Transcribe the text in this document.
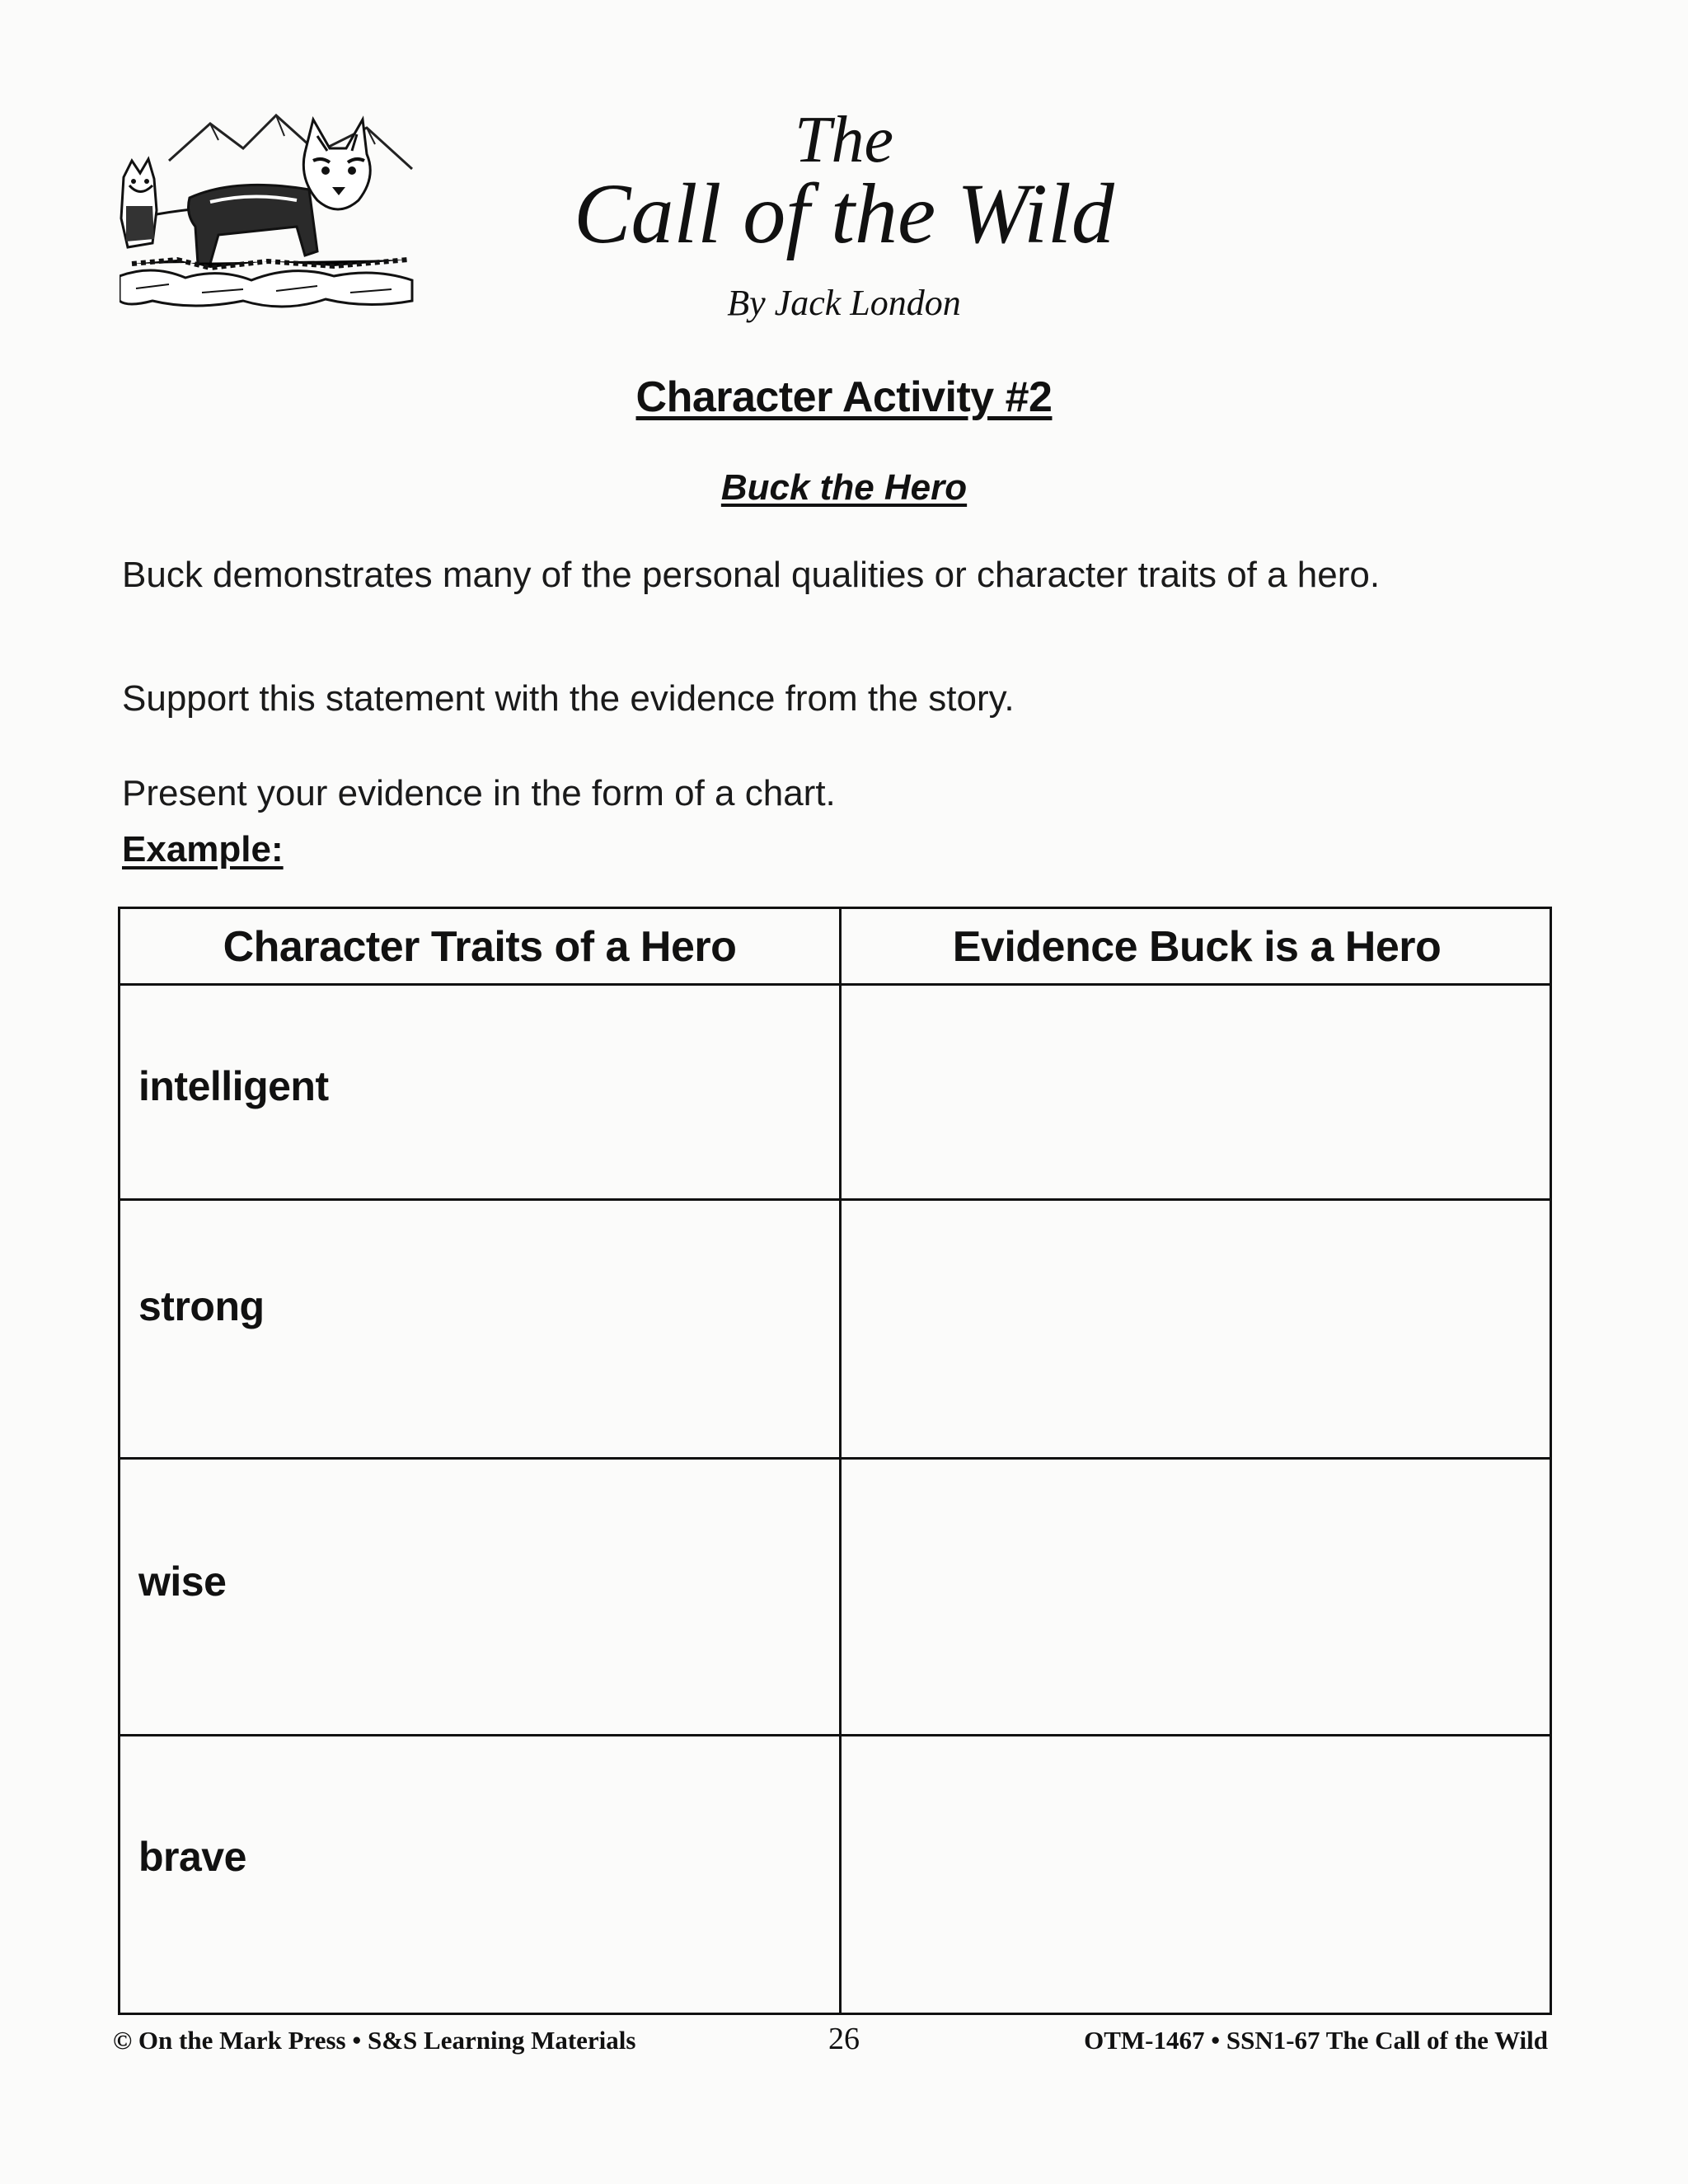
The
Call of the Wild
By Jack London
Character Activity #2
Buck the Hero
Buck demonstrates many of the personal qualities or character traits of a hero.
Support this statement with the evidence from the story.
Present your evidence in the form of a chart.
Example:
Character Traits of a Hero	Evidence Buck is a Hero
intelligent
strong
wise
brave
© On the Mark Press • S&S Learning Materials	26	OTM-1467 • SSN1-67 The Call of the Wild
